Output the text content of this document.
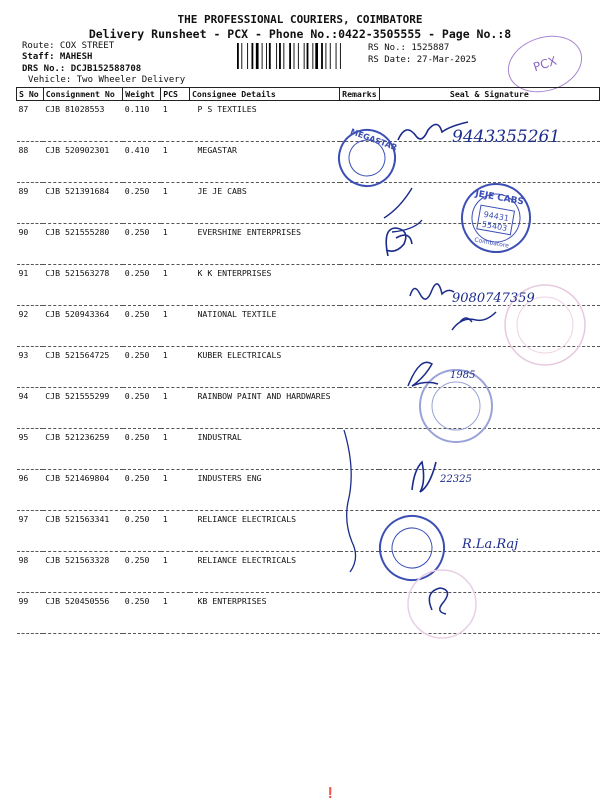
THE PROFESSIONAL COURIERS, COIMBATORE
Delivery Runsheet - PCX - Phone No.:0422-3505555 - Page No.:8
Route: COX STREET
Staff: MAHESH
DRS No.: DCJB152588708
Vehicle: Two Wheeler Delivery
RS No.: 1525887
RS Date: 27-Mar-2025	PCX
S No	Consignment No	Weight	PCS	Consignee Details	Remarks	Seal & Signature
87	CJB 81028553	0.110	1	P S TEXTILES		
88	CJB 520902301	0.410	1	MEGASTAR		
89	CJB 521391684	0.250	1	JE JE CABS		
90	CJB 521555280	0.250	1	EVERSHINE ENTERPRISES		
91	CJB 521563278	0.250	1	K K ENTERPRISES		
92	CJB 520943364	0.250	1	NATIONAL TEXTILE		
93	CJB 521564725	0.250	1	KUBER ELECTRICALS		
94	CJB 521555299	0.250	1	RAINBOW PAINT AND HARDWARES		
95	CJB 521236259	0.250	1	INDUSTRAL		
96	CJB 521469804	0.250	1	INDUSTERS ENG		
97	CJB 521563341	0.250	1	RELIANCE ELECTRICALS		
98	CJB 521563328	0.250	1	RELIANCE ELECTRICALS		
99	CJB 520450556	0.250	1	KB ENTERPRISES		
MEGASTAR
JEJE CABS
94431
55403
Coimbatore
9443355261
9080747359
1985
22325
R.La.Raj
❗
